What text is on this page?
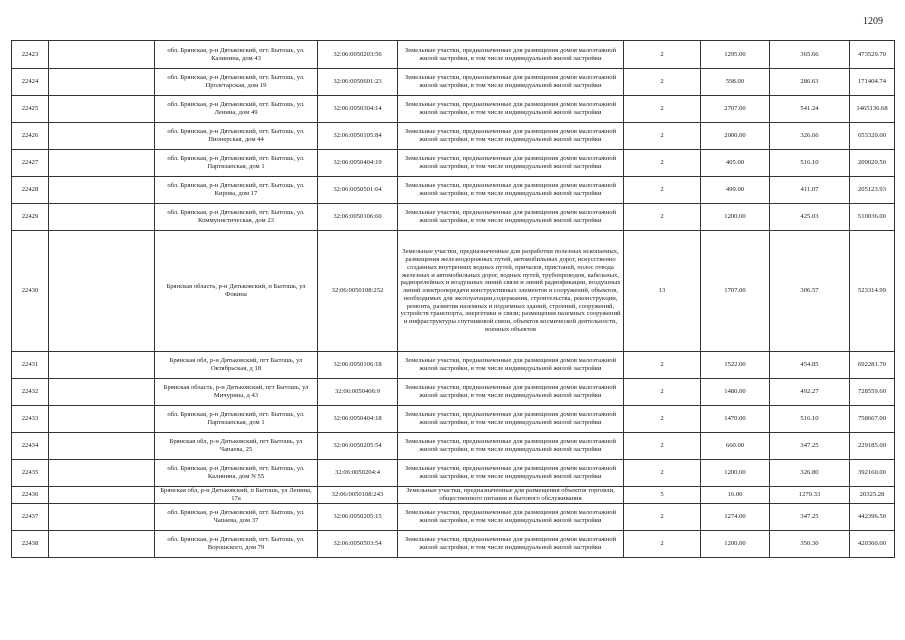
1209
22423		обл. Брянская, р-н Дятьковский, пгт. Бытошь, ул. Калинина, дом 43	32:06:0050203:56	Земельные участки, предназначенные для размещения домов малоэтажной жилой застройки, в том числе индивидуальной жилой застройки	2	1295.00	365.66	473529.70
22424		обл. Брянская, р-н Дятьковский, пгт. Бытошь, ул. Пролетарская, дом 19	32:06:0050601:23	Земельные участки, предназначенные для размещения домов малоэтажной жилой застройки, в том числе индивидуальной жилой застройки	2	598.00	286.63	171404.74
22425		обл. Брянская, р-н Дятьковский, пгт. Бытошь, ул. Ленина, дом 49	32:06:0050304:14	Земельные участки, предназначенные для размещения домов малоэтажной жилой застройки, в том числе индивидуальной жилой застройки	2	2707.00	541.24	1465136.68
22426		обл. Брянская, р-н Дятьковский, пгт. Бытошь, ул. Пионерская, дом 44	32:06:0050105:84	Земельные участки, предназначенные для размещения домов малоэтажной жилой застройки, в том числе индивидуальной жилой застройки	2	2000.00	326.66	653320.00
22427		обл. Брянская, р-н Дятьковский, пгт. Бытошь, ул. Партизанская, дом 1	32:06:0050404:19	Земельные участки, предназначенные для размещения домов малоэтажной жилой застройки, в том числе индивидуальной жилой застройки	2	405.00	516.10	209020.50
22428		обл. Брянская, р-н Дятьковский, пгт. Бытошь, ул. Кирова, дом 17	32:06:0050501:64	Земельные участки, предназначенные для размещения домов малоэтажной жилой застройки, в том числе индивидуальной жилой застройки	2	499.00	411.07	205123.93
22429		обл. Брянская, р-н Дятьковский, пгт. Бытошь, ул. Коммунистическая, дом 23	32:06:0050106:60	Земельные участки, предназначенные для размещения домов малоэтажной жилой застройки, в том числе индивидуальной жилой застройки	2	1200.00	425.03	510036.00
22430		Брянская область, р-н Дятьковский, п Бытошь, ул Фокина	32:06:0050108:252	Земельные участки, предназначенные для разработки полезных ископаемых, размещения железнодорожных путей, автомобильных дорог, искусственно созданных внутренних водных путей, причалов, пристаней, полос отвода железных и автомобильных дорог, водных путей, трубопроводов, кабельных, радиорелейных и воздушных линий связи и линий радиофикации, воздушных линий электропередачи конструктивных элементов и сооружений, объектов, необходимых для эксплуатации,содержания, строительства, реконструкции, ремонта, развития наземных и подземных зданий, строений, сооружений, устройств транспорта, энергетики и связи; размещения наземных сооружений и инфраструктуры спутниковой связи, объектов космической деятельности, военных объектов	13	1707.00	306.57	523314.99
22431		Брянская обл, р-н Дятьковский, пгт Бытошь, ул Октябрьская, д 18	32:06:0050106:18	Земельные участки, предназначенные для размещения домов малоэтажной жилой застройки, в том числе индивидуальной жилой застройки	2	1522.00	454.85	692281.70
22432		Брянская область, р-н Дятьковский, пгт Бытошь, ул Мичурина, д 43	32:06:0050406:9	Земельные участки, предназначенные для размещения домов малоэтажной жилой застройки, в том числе индивидуальной жилой застройки	2	1480.00	492.27	728559.60
22433		обл. Брянская, р-н Дятьковский, пгт. Бытошь, ул. Партизанская, дом 1	32:06:0050404:18	Земельные участки, предназначенные для размещения домов малоэтажной жилой застройки, в том числе индивидуальной жилой застройки	2	1470.00	516.10	758667.00
22434		Брянская обл, р-н Дятьковский, пгт Бытошь, ул Чапаева, 25	32:06:0050205:54	Земельные участки, предназначенные для размещения домов малоэтажной жилой застройки, в том числе индивидуальной жилой застройки	2	660.00	347.25	229185.00
22435		обл. Брянская, р-н Дятьковский, пгт. Бытошь, ул. Калинина, дом N 55	32:06:0050204:4	Земельные участки, предназначенные для размещения домов малоэтажной жилой застройки, в том числе индивидуальной жилой застройки	2	1200.00	326.80	392160.00
22436		Брянская обл, р-н Дятьковский, п Бытошь, ул Ленина, 17а	32:06:0050108:243	Земельные участки, предназначенные для размещения объектов торговли, общественного питания и бытового обслуживания	5	16.00	1270.33	20325.28
22437		обл. Брянская, р-н Дятьковский, пгт. Бытошь, ул. Чапаева, дом 37	32:06:0050205:15	Земельные участки, предназначенные для размещения домов малоэтажной жилой застройки, в том числе индивидуальной жилой застройки	2	1274.00	347.25	442396.50
22438		обл. Брянская, р-н Дятьковский, пгт. Бытошь, ул. Ворошского, дом 79	32:06:0050503:54	Земельные участки, предназначенные для размещения домов малоэтажной жилой застройки, в том числе индивидуальной жилой застройки	2	1200.00	350.30	420360.00
